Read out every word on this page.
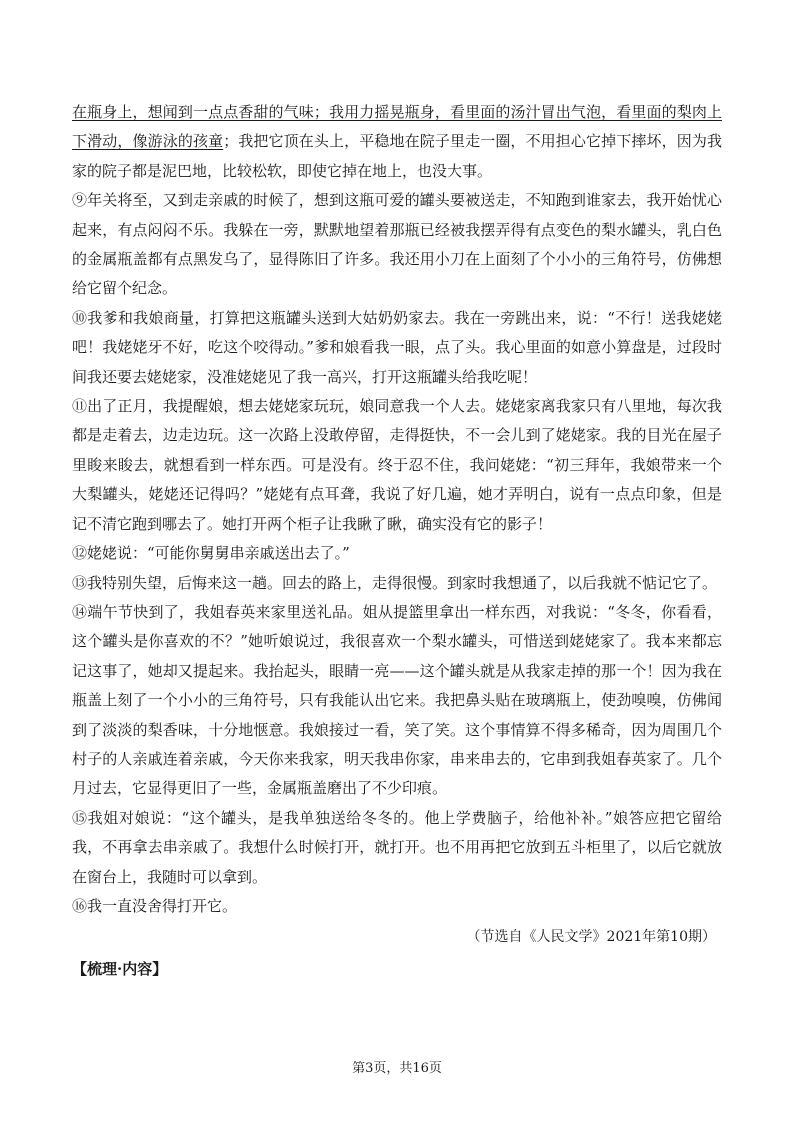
在瓶身上，想闻到一点点香甜的气味；我用力摇晃瓶身，看里面的汤汁冒出气泡，看里面的梨肉上下滑动，像游泳的孩童；我把它顶在头上，平稳地在院子里走一圈，不用担心它掉下摔坏，因为我家的院子都是泥巴地，比较松软，即使它掉在地上，也没大事。

⑨年关将至，又到走亲戚的时候了，想到这瓶可爱的罐头要被送走，不知跑到谁家去，我开始忧心起来，有点闷闷不乐。我躲在一旁，默默地望着那瓶已经被我摆弄得有点变色的梨水罐头，乳白色的金属瓶盖都有点黑发乌了，显得陈旧了许多。我还用小刀在上面刻了个小小的三角符号，仿佛想给它留个纪念。

⑩我爹和我娘商量，打算把这瓶罐头送到大姑奶奶家去。我在一旁跳出来，说：“不行！送我姥姥吧！我姥姥牙不好，吃这个咬得动。”爹和娘看我一眼，点了头。我心里面的如意小算盘是，过段时间我还要去姥姥家，没准姥姥见了我一高兴，打开这瓶罐头给我吃呢！

⑪出了正月，我提醒娘，想去姥姥家玩玩，娘同意我一个人去。姥姥家离我家只有八里地，每次我都是走着去，边走边玩。这一次路上没敢停留，走得挺快，不一会儿到了姥姥家。我的目光在屋子里睃来睃去，就想看到一样东西。可是没有。终于忍不住，我问姥姥：“初三拜年，我娘带来一个大梨罐头，姥姥还记得吗？”姥姥有点耳聋，我说了好几遍，她才弄明白，说有一点点印象，但是记不清它跑到哪去了。她打开两个柜子让我瞅了瞅，确实没有它的影子！

⑫姥姥说：“可能你舅舅串亲戚送出去了。”

⑬我特别失望，后悔来这一趟。回去的路上，走得很慢。到家时我想通了，以后我就不惦记它了。

⑭端午节快到了，我姐春英来家里送礼品。姐从提篮里拿出一样东西，对我说：“冬冬，你看看，这个罐头是你喜欢的不？”她听娘说过，我很喜欢一个梨水罐头，可惜送到姥姥家了。我本来都忘记这事了，她却又提起来。我抬起头，眼睛一亮——这个罐头就是从我家走掉的那一个！因为我在瓶盖上刻了一个小小的三角符号，只有我能认出它来。我把鼻头贴在玻璃瓶上，使劲嗅嗅，仿佛闻到了淡淡的梨香味，十分地惬意。我娘接过一看，笑了笑。这个事情算不得多稀奇，因为周围几个村子的人亲戚连着亲戚，今天你来我家，明天我串你家，串来串去的，它串到我姐春英家了。几个月过去，它显得更旧了一些，金属瓶盖磨出了不少印痕。

⑮我姐对娘说：“这个罐头，是我单独送给冬冬的。他上学费脑子，给他补补。”娘答应把它留给我，不再拿去串亲戚了。我想什么时候打开，就打开。也不用再把它放到五斗柜里了，以后它就放在窗台上，我随时可以拿到。

⑯我一直没舍得打开它。

（节选自《人民文学》2021年第10期）

【梳理·内容】

第3页，共16页
